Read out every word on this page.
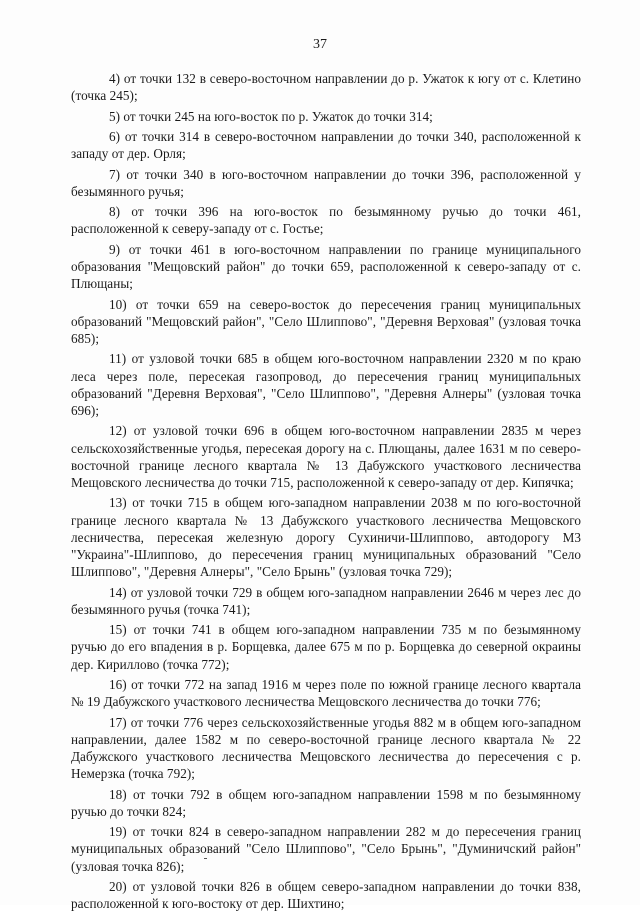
37

4) от точки 132 в северо-восточном направлении до р. Ужаток к югу от с. Клетино (точка 245);

5) от точки 245 на юго-восток по р. Ужаток до точки 314;

6) от точки 314 в северо-восточном направлении до точки 340, расположенной к западу от дер. Орля;

7) от точки 340 в юго-восточном направлении до точки 396, расположенной у безымянного ручья;

8) от точки 396 на юго-восток по безымянному ручью до точки 461, расположенной к северу-западу от с. Гостье;

9) от точки 461 в юго-восточном направлении по границе муниципального образования "Мещовский район" до точки 659, расположенной к северо-западу от с. Плющаны;

10) от точки 659 на северо-восток до пересечения границ муниципальных образований "Мещовский район", "Село Шлиппово", "Деревня Верховая" (узловая точка 685);

11) от узловой точки 685 в общем юго-восточном направлении 2320 м по краю леса через поле, пересекая газопровод, до пересечения границ муниципальных образований "Деревня Верховая", "Село Шлиппово", "Деревня Алнеры" (узловая точка 696);

12) от узловой точки 696 в общем юго-восточном направлении 2835 м через сельскохозяйственные угодья, пересекая дорогу на с. Плющаны, далее 1631 м по северо-восточной границе лесного квартала № 13 Дабужского участкового лесничества Мещовского лесничества до точки 715, расположенной к северо-западу от дер. Кипячка;

13) от точки 715 в общем юго-западном направлении 2038 м по юго-восточной границе лесного квартала № 13 Дабужского участкового лесничества Мещовского лесничества, пересекая железную дорогу Сухиничи-Шлиппово, автодорогу М3 "Украина"-Шлиппово, до пересечения границ муниципальных образований "Село Шлиппово", "Деревня Алнеры", "Село Брынь" (узловая точка 729);

14) от узловой точки 729 в общем юго-западном направлении 2646 м через лес до безымянного ручья (точка 741);

15) от точки 741 в общем юго-западном направлении 735 м по безымянному ручью до его впадения в р. Борщевка, далее 675 м по р. Борщевка до северной окраины дер. Кириллово (точка 772);

16) от точки 772 на запад 1916 м через поле по южной границе лесного квартала № 19 Дабужского участкового лесничества Мещовского лесничества до точки 776;

17) от точки 776 через сельскохозяйственные угодья 882 м в общем юго-западном направлении, далее 1582 м по северо-восточной границе лесного квартала № 22 Дабужского участкового лесничества Мещовского лесничества до пересечения с р. Немерзка (точка 792);

18) от точки 792 в общем юго-западном направлении 1598 м по безымянному ручью до точки 824;

19) от точки 824 в северо-западном направлении 282 м до пересечения границ муниципальных образований "Село Шлиппово", "Село Брынь", "Думиничский район" (узловая точка 826);

20) от узловой точки 826 в общем северо-западном направлении до точки 838, расположенной к юго-востоку от дер. Шихтино;
